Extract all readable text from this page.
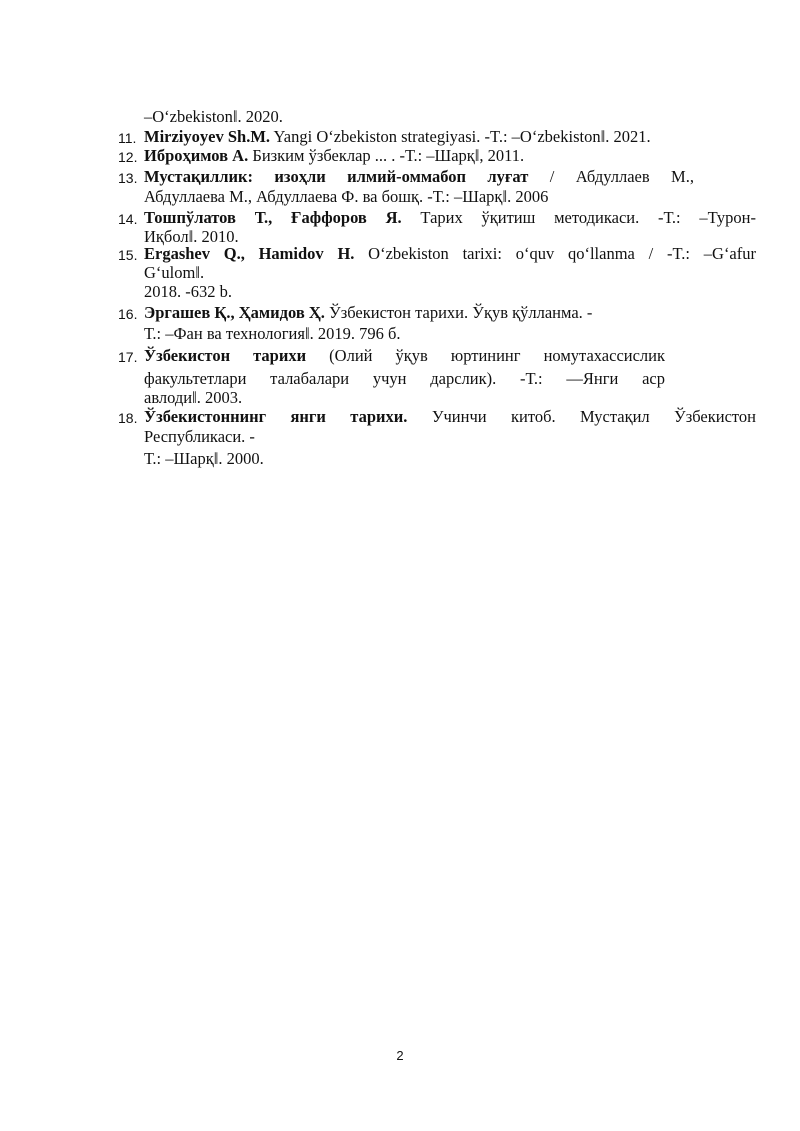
–O‘zbekiston‖. 2020.
11. Mirziyoyev Sh.M. Yangi O‘zbekiston strategiyasi. -T.: –O‘zbekiston‖. 2021.
12. Иброҳимов А. Бизким ўзбеклар ... . -Т.: –Шарқ‖, 2011.
13. Мустақиллик: изоҳли илмий-оммабоп луғат / Абдуллаев М.,
Абдуллаева М., Абдуллаева Ф. ва бошқ. -Т.: –Шарқ‖. 2006
14. Тошпўлатов Т., Ғаффоров Я. Тарих ўқитиш методикаси. -Т.: –Турон-
Иқбол‖. 2010.
15. Ergashev Q., Hamidov H. O‘zbekiston tarixi: o‘quv qo‘llanma / -T.: –G‘afur
G‘ulom‖.
2018. -632 b.
16. Эргашев Қ., Ҳамидов Ҳ. Ўзбекистон тарихи. Ўқув қўлланма. -
Т.: –Фан ва технология‖. 2019. 796 б.
17. Ўзбекистон тарихи (Олий ўқув юртининг номутахассислик
факультетлари талабалари учун дарслик). -Т.: ―Янги аср
авлоди‖. 2003.
18. Ўзбекистоннинг янги тарихи. Учинчи китоб. Мустақил Ўзбекистон
Республикаси. -
Т.: –Шарқ‖. 2000.
2
